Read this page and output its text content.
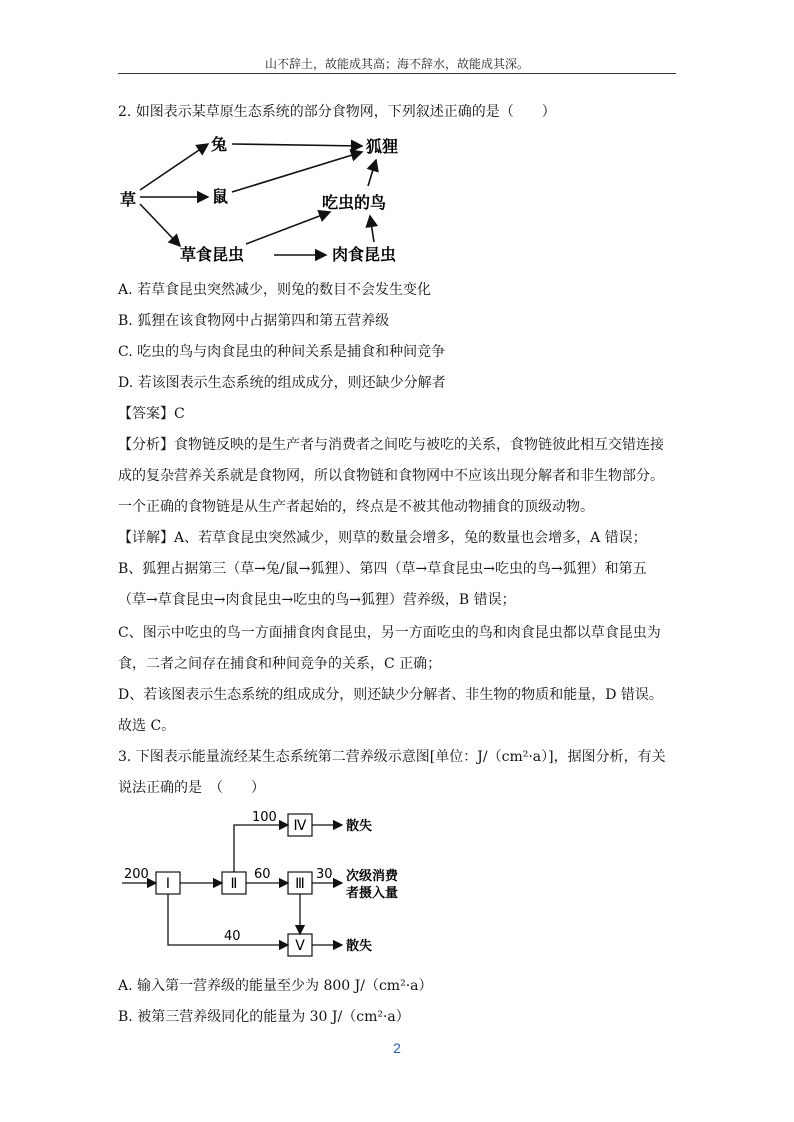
山不辞土，故能成其高；海不辞水，故能成其深。
2. 如图表示某草原生态系统的部分食物网，下列叙述正确的是（　　）
草
兔
鼠
狐狸
吃虫的鸟
草食昆虫	肉食昆虫
A. 若草食昆虫突然减少，则兔的数目不会发生变化
B. 狐狸在该食物网中占据第四和第五营养级
C. 吃虫的鸟与肉食昆虫的种间关系是捕食和种间竞争
D. 若该图表示生态系统的组成成分，则还缺少分解者
【答案】C
【分析】食物链反映的是生产者与消费者之间吃与被吃的关系，食物链彼此相互交错连接
成的复杂营养关系就是食物网，所以食物链和食物网中不应该出现分解者和非生物部分。
一个正确的食物链是从生产者起始的，终点是不被其他动物捕食的顶级动物。
【详解】A、若草食昆虫突然减少，则草的数量会增多，兔的数量也会增多，A 错误；
B、狐狸占据第三（草→兔/鼠→狐狸）、第四（草→草食昆虫→吃虫的鸟→狐狸）和第五
（草→草食昆虫→肉食昆虫→吃虫的鸟→狐狸）营养级，B 错误；
C、图示中吃虫的鸟一方面捕食肉食昆虫，另一方面吃虫的鸟和肉食昆虫都以草食昆虫为
食，二者之间存在捕食和种间竞争的关系，C 正确；
D、若该图表示生态系统的组成成分，则还缺少分解者、非生物的物质和能量，D 错误。
故选 C。
3. 下图表示能量流经某生态系统第二营养级示意图[单位：J/（cm²·a）]，据图分析，有关
说法正确的是　（　　）
Ⅰ	Ⅱ	Ⅲ
Ⅳ
Ⅴ
200
100
60	30
40
散失
次级消费
者摄入量
散失
A. 输入第一营养级的能量至少为 800 J/（cm²·a）
B. 被第三营养级同化的能量为 30 J/（cm²·a）
2
